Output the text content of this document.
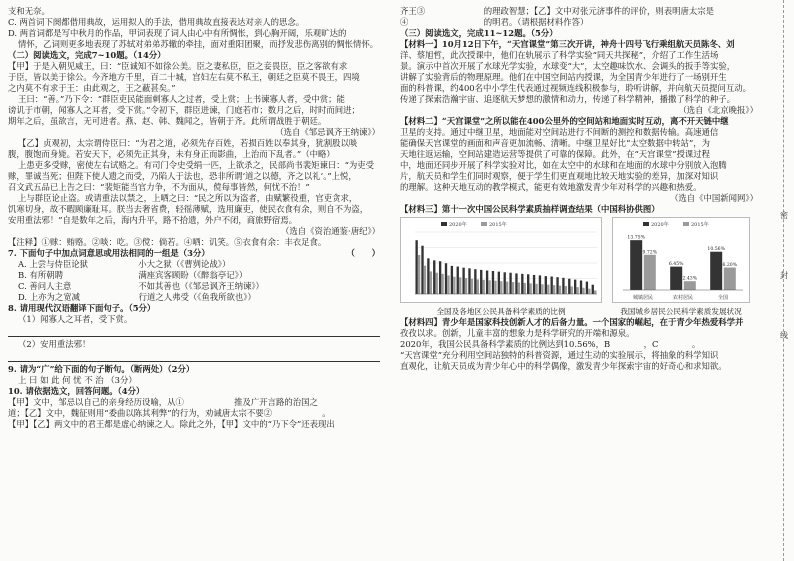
密
封
线
支和无奈。
C. 两首词下阕都借用典故，运用拟人的手法，借用典故直接表达对亲人的思念。
D. 两首词都是写中秋月的作品，甲词表现了词人由心中有所惆怅，到心胸开阔，乐观旷达的
情怀，乙词则更多地表现了苏轼对弟弟苏辙的牵挂，面对重阳团聚，而抒发悲伤离别的惆怅情怀。
（二）阅读选文，完成7~10题。（14分）
【甲】于是入朝见威王，曰：“臣诚知不如徐公美。臣之妻私臣，臣之妾畏臣，臣之客欲有求
于臣，皆以美于徐公。今齐地方千里，百二十城，宫妇左右莫不私王，朝廷之臣莫不畏王，四境
之内莫不有求于王：由此观之，王之蔽甚矣。”
王曰：“善。”乃下令：“群臣吏民能面刺寡人之过者，受上赏；上书谏寡人者，受中赏；能
谤讥于市朝，闻寡人之耳者，受下赏。”令初下，群臣进谏，门庭若市；数月之后，时时而间进；
期年之后，虽欲言，无可进者。燕、赵、韩、魏闻之，皆朝于齐。此所谓战胜于朝廷。
（选自《邹忌讽齐王纳谏》）
【乙】贞观初，太宗谓侍臣曰：“为君之道，必须先存百姓，若损百姓以奉其身，犹割股以啖
腹，腹饱而身毙。若安天下，必须先正其身，未有身正而影曲，上治而下乱者。”（中略）
上患吏多受赇，密使左右试赂之。有司门令史受绢一匹，上欲杀之，民部尚书裴矩谏曰：“为吏受
赇，罪诚当死；但陛下使人遗之而受，乃陷人于法也，恐非所谓‘道之以德，齐之以礼’。”上悦，
召文武五品已上告之曰：“裴矩能当官力争，不为面从，傥每事皆然，何忧不治！”
上与群臣论止盗。或请重法以禁之，上哂之曰：“民之所以为盗者，由赋繁役重，官吏贪求，
饥寒切身，故不暇顾廉耻耳。朕当去奢省费，轻徭薄赋，选用廉吏，使民衣食有余，则自不为盗，
安用重法邪！”自是数年之后，海内升平，路不拾遗，外户不闭，商旅野宿焉。
（选自《资治通鉴·唐纪》）
【注释】①赇：贿赂。②啖：吃。③傥：倘若。④哂：讥笑。⑤衣食有余：丰衣足食。
7. 下面句子中加点词意思或用法相同的一组是（3分）	（　　）
A. 上尝与侍臣论狱　　　　　　小大之狱（《曹刿论战》）
B. 有所朝聘　　　　　　　　　满座宾客顾盼（《醉翁亭记》）
C. 善问人主意　　　　　　　　不如其善也（《邹忌讽齐王纳谏》）
D. 上亦为之宽减　　　　　　　行道之人弗受（《鱼我所欲也》）
8. 请用现代汉语翻译下面句子。（5分）
（1）闻寡人之耳者，受下赏。
（2）安用重法邪！
9. 请为“广”给下面的句子断句。（断两处）（2分）
上 曰 如 此 何 忧 不 治 （3分）
10. 请依据选文，回答问题。（4分）
【甲】文中，邹忌以自己的亲身经历设喻，从①　　　　　　推及广开言路的治国之
道；【乙】文中，魏征则用“委曲以陈其利弊”的行为，劝诫唐太宗不要②　　　　　　。
【甲】【乙】两文中的君王都是虚心纳谏之人。除此之外，【甲】文中的“乃下令”还表现出
齐王③　　　　　　　的理政智慧；【乙】文中对张元济事件的评价，则表明唐太宗是
④　　　　　　　　　的明君。（请根据材料作答）
（三）阅读选文，完成11~12题。（5分）
【材料一】10月12日下午，“天宫课堂”第三次开讲，神舟十四号飞行乘组航天员陈冬、刘
洋、蔡旭哲，此次授课中，他们在轨展示了科学实验“同天共探秘”，介绍了工作生活场
景。演示中首次开展了水球光学实验，水球变“大”，太空趣味饮水、会调头的扳手等实验，
讲解了实验背后的物理原理。他们在中国空间站内授课，为全国青少年进行了一场别开生
面的科普课，约400名中小学生代表通过视频连线积极参与，聆听讲解，并向航天员提问互动。
传递了探索浩瀚宇宙、追逐航天梦想的激情和动力，传递了科学精神，播撒了科学的种子。
（选自《北京晚报》）
【材料二】“天宫课堂”之所以能在400公里外的空间站和地面实时互动，离不开天链中继
卫星的支持。通过中继卫星，地面能对空间站进行不间断的测控和数据传输。高速通信
能确保天宫课堂的画面和声音更加流畅、清晰。中继卫星好比“太空数据中转站”，为
天地往返运输，空间站建造运营等提供了可靠的保障。此外，在“天宫课堂”授课过程
中，地面还同步开展了科学实验对比，如在太空中的水球和在地面的水球中分别放入泡腾
片，航天员和学生们同时观察，便于学生们更直观地比较天地实验的差异，加深对知识
的理解。这种天地互动的教学模式，能更有效地激发青少年对科学的兴趣和热爱。
（选自《中国新闻网》）
【材料三】第十一次中国公民科学素质抽样调查结果（中国科协供图）
2020年	2015年
全国及各地区公民具备科学素质的比例
13.75%
6.45%
10.56%
2020年
9.72%
2.43%
6.20%
2015年
城镇居民	农村居民	全国
我国城乡居民公民科学素质发展状况
【材料四】青少年是国家科技创新人才的后备力量。一个国家的崛起，在于青少年热爱科学并
孜孜以求。创新，儿童丰富的想象力是科学研究的开端和源泉。
2020年，我国公民具备科学素质的比例达到10.56%，B　　　　，C　　　　。
“天宫课堂”充分利用空间站独特的科普资源，通过生动的实验展示，将抽象的科学知识
直观化，让航天员成为青少年心中的科学偶像，激发青少年探索宇宙的好奇心和求知欲。
